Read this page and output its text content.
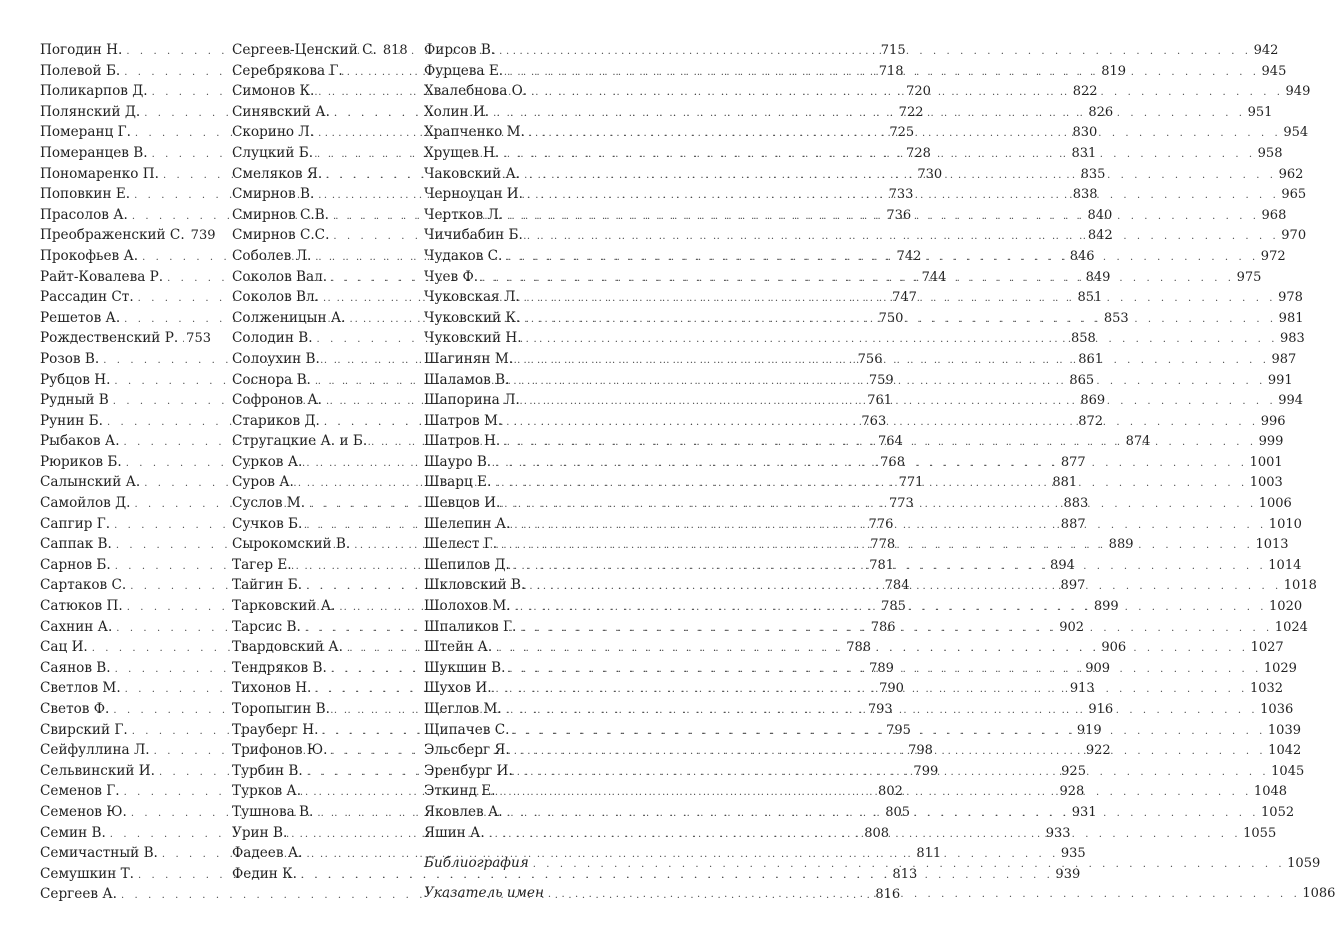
Погодин Н. . . .	715
Полевой Б. . . .	718
Поликарпов Д. . . .	720
Полянский Д. . . .	722
Померанц Г. . . .	725
Померанцев В. . . .	728
Пономаренко П. . . .	730
Поповкин Е. . . .	733
Прасолов А. . . .	736
Преображенский С. 739
Прокофьев А. . . .	742
Райт-Ковалева Р. . . .	744
Рассадин Ст. . . .	747
Решетов А. . . .	750
Рождественский Р. . . . 753
Розов В. . . .	756
Рубцов Н. . . .	759
Рудный В . . .	761
Рунин Б. . . .	763
Рыбаков А. . . .	764
Рюриков Б. . . .	768
Салынский А. . . .	771
Самойлов Д. . . .	773
Сапгир Г. . . .	776
Саппак В. . . .	778
Сарнов Б. . . .	781
Сартаков С. . . .	784
Сатюков П. . . .	785
Сахнин А. . . .	786
Сац И. . . .	788
Саянов В. . . .	789
Светлов М. . . .	790
Светов Ф. . . .	793
Свирский Г. . . .	795
Сейфуллина Л. . . .	798
Сельвинский И. . . .	799
Семенов Г. . . .	802
Семенов Ю. . . .	805
Семин В. . . .	808
Семичастный В. . . .	811
Семушкин Т. . . .	813
Сергеев А. . . .	816
Сергеев-Ценский С. 818
Серебрякова Г. . . .	819
Симонов К. . . .	822
Синявский А. . . .	826
Скорино Л. . . .	830
Слуцкий Б. . . .	831
Смеляков Я. . . .	835
Смирнов В. . . .	838
Смирнов С.В. . . .	840
Смирнов С.С. . . .	842
Соболев Л. . . .	846
Соколов Вал. . . .	849
Соколов Вл. . . .	851
Солженицын А. . . .	853
Солодин В. . . .	858
Солоухин В. . . .	861
Соснора В. . . .	865
Софронов А. . . .	869
Стариков Д. . . .	872
Стругацкие А. и Б. . . .	874
Сурков А. . . .	877
Суров А. . . .	881
Суслов М. . . .	883
Сучков Б. . . .	887
Сырокомский В. . . .	889
Тагер Е. . . .	894
Тайгин Б. . . .	897
Тарковский А. . . .	899
Тарсис В. . . .	902
Твардовский А. . . .	906
Тендряков В. . . .	909
Тихонов Н. . . .	913
Торопыгин В. . . .	916
Трауберг Н. . . .	919
Трифонов Ю. . . .	922
Турбин В. . . .	925
Турков А. . . .	928
Тушнова В. . . .	931
Урин В. . . .	933
Фадеев А. . . .	935
Федин К. . . .	939
Фирсов В. . . .	942
Фурцева Е. . . .	945
Хвалебнова О. . . .	949
Холин И. . . .	951
Храпченко М. . . .	954
Хрущев Н. . . .	958
Чаковский А. . . .	962
Черноуцан И. . . .	965
Чертков Л. . . .	968
Чичибабин Б. . . .	970
Чудаков С. . . .	972
Чуев Ф. . . .	975
Чуковская Л. . . .	978
Чуковский К. . . .	981
Чуковский Н. . . .	983
Шагинян М. . . .	987
Шаламов В. . . .	991
Шапорина Л. . . .	994
Шатров М. . . .	996
Шатров Н. . . .	999
Шауро В. . . .	1001
Шварц Е. . . .	1003
Шевцов И. . . .	1006
Шелепин А. . . .	1010
Шелест Г. . . .	1013
Шепилов Д. . . .	1014
Шкловский В. . . .	1018
Шолохов М. . . .	1020
Шпаликов Г. . . .	1024
Штейн А. . . .	1027
Шукшин В. . . .	1029
Шухов И. . . .	1032
Щеглов М. . . .	1036
Щипачев С. . . .	1039
Эльсберг Я. . . .	1042
Эренбург И. . . .	1045
Эткинд Е. . . .	1048
Яковлев А. . . .	1052
Яшин А. . . .	1055
Библиография . . .	1059
Указатель имен . . .	1086
